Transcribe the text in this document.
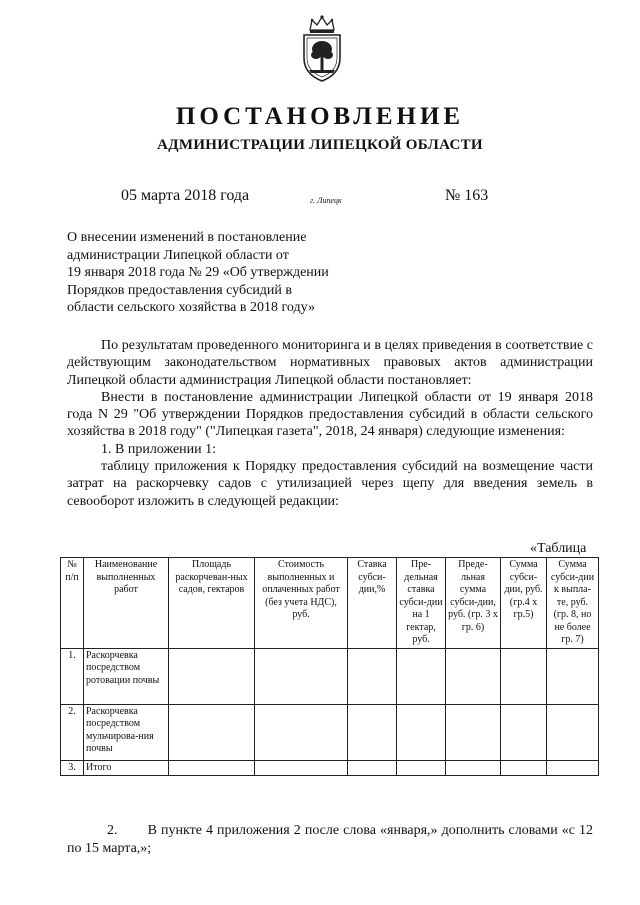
ПОСТАНОВЛЕНИЕ
АДМИНИСТРАЦИИ ЛИПЕЦКОЙ ОБЛАСТИ
05 марта 2018 года	г. Липецк	№ 163
О внесении изменений в постановление
администрации Липецкой области от
19 января 2018 года № 29 «Об утверждении
Порядков предоставления субсидий в
области сельского хозяйства в 2018 году»
По результатам проведенного мониторинга и в целях приведения в соответствие с действующим законодательством нормативных правовых актов администрации Липецкой области администрация Липецкой области постановляет:
Внести в постановление администрации Липецкой области от 19 января 2018 года N 29 "Об утверждении Порядков предоставления субсидий в области сельского хозяйства в 2018 году" ("Липецкая газета", 2018, 24 января) следующие изменения:
1. В приложении 1:
таблицу приложения к Порядку предоставления субсидий на возмещение части затрат на раскорчевку садов с утилизацией через щепу для введения земель в севооборот изложить в следующей редакции:
«Таблица
№ п/п	Наименование выполненных работ	Площадь раскорчеван-ных садов, гектаров	Стоимость выполненных и оплаченных работ (без учета НДС), руб.	Ставка субси-дии,%	Пре-дельная ставка субси-дии на 1 гектар, руб.	Преде-льная сумма субси-дии, руб. (гр. 3 х гр. 6)	Сумма субси-дии, руб. (гр.4 х гр.5)	Сумма субси-дии к выпла-те, руб. (гр. 8, но не более гр. 7)
1.	Раскорчевка посредством ротовации почвы							
2.	Раскорчевка посредством мульчирова-ния почвы							
3.	Итого							
2. В пункте 4 приложения 2 после слова «января,» дополнить словами «с 12 по 15 марта,»;
